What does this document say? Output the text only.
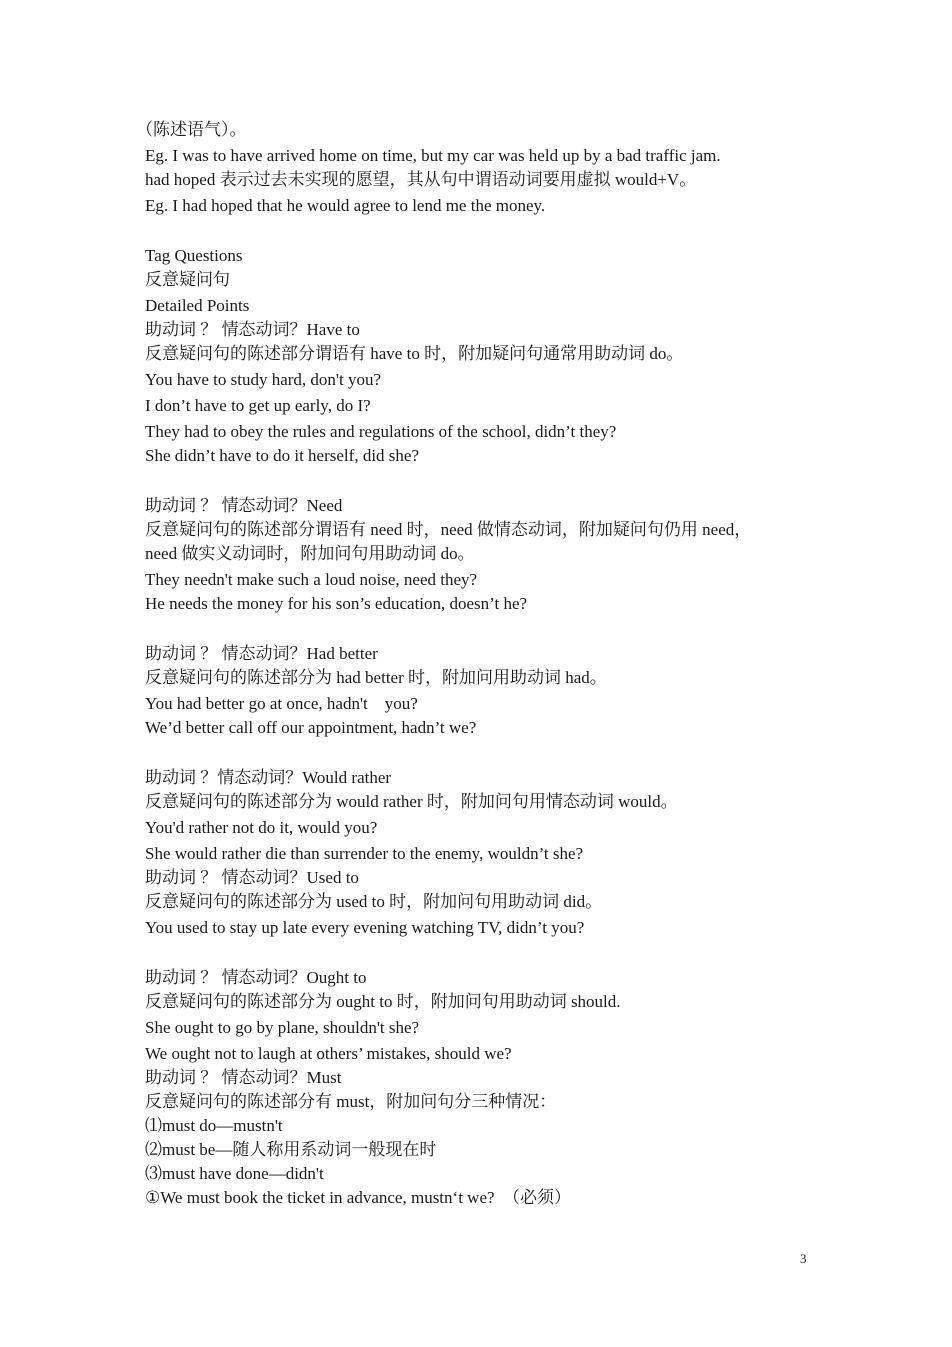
（陈述语气）。
Eg. I was to have arrived home on time, but my car was held up by a bad traffic jam.
had hoped 表示过去未实现的愿望，其从句中谓语动词要用虚拟 would+V。
Eg. I had hoped that he would agree to lend me the money.
Tag Questions
反意疑问句
Detailed Points
助动词 ？ 情态动词？Have to
反意疑问句的陈述部分谓语有 have to 时，附加疑问句通常用助动词 do。
You have to study hard, don't you?
I don’t have to get up early, do I?
They had to obey the rules and regulations of the school, didn’t they?
She didn’t have to do it herself, did she?
助动词 ？ 情态动词？Need
反意疑问句的陈述部分谓语有 need 时，need 做情态动词，附加疑问句仍用 need，
need 做实义动词时，附加问句用助动词 do。
They needn't make such a loud noise, need they?
He needs the money for his son’s education, doesn’t he?
助动词 ？ 情态动词？Had better
反意疑问句的陈述部分为 had better 时，附加问用助动词 had。
You had better go at once, hadn't　you?
We’d better call off our appointment, hadn’t we?
助动词 ？情态动词？Would rather
反意疑问句的陈述部分为 would rather 时，附加问句用情态动词 would。
You'd rather not do it, would you?
She would rather die than surrender to the enemy, wouldn’t she?
助动词 ？ 情态动词？Used to
反意疑问句的陈述部分为 used to 时，附加问句用助动词 did。
You used to stay up late every evening watching TV, didn’t you?
助动词 ？ 情态动词？Ought to
反意疑问句的陈述部分为 ought to 时，附加问句用助动词 should.
She ought to go by plane, shouldn't she?
We ought not to laugh at others’ mistakes, should we?
助动词 ？ 情态动词？Must
反意疑问句的陈述部分有 must，附加问句分三种情况：
⑴must do—mustn't
⑵must be—随人称用系动词一般现在时
⑶must have done—didn't
①We must book the ticket in advance, mustn‘t we?　（必须）
3
